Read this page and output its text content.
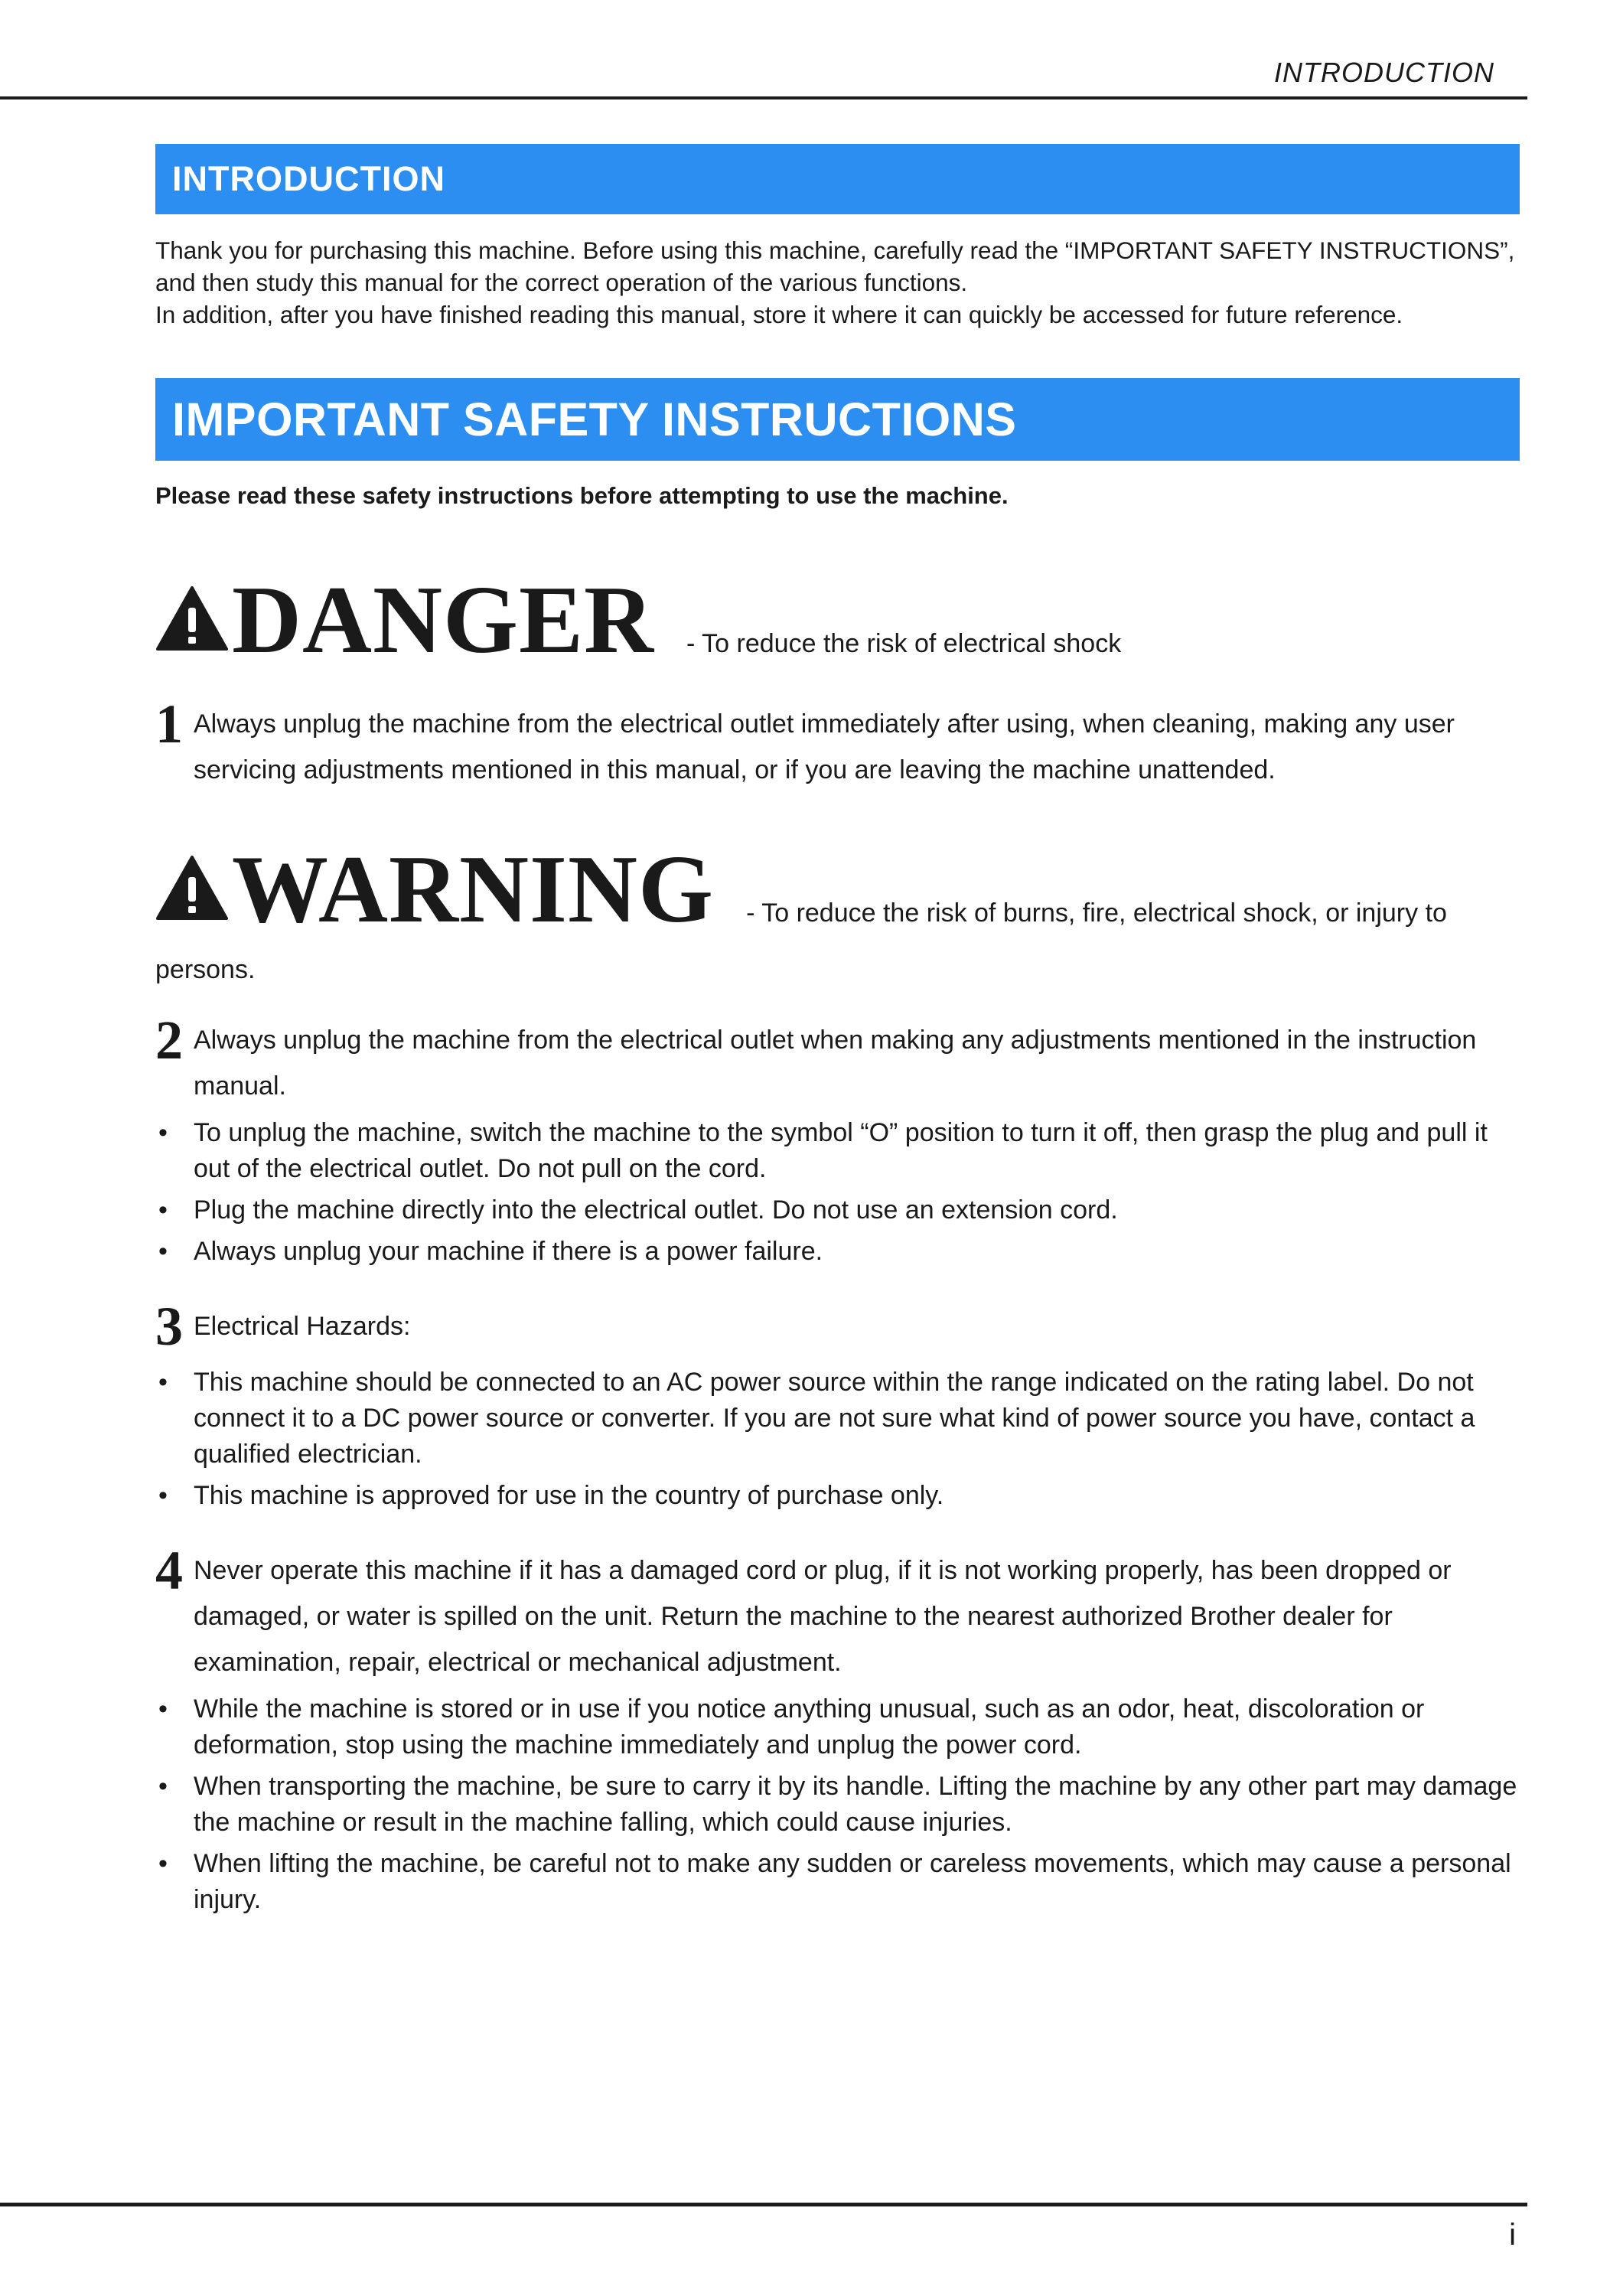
INTRODUCTION
INTRODUCTION

Thank you for purchasing this machine. Before using this machine, carefully read the “IMPORTANT SAFETY INSTRUCTIONS”, and then study this manual for the correct operation of the various functions.

In addition, after you have finished reading this manual, store it where it can quickly be accessed for future reference.

IMPORTANT SAFETY INSTRUCTIONS
Please read these safety instructions before attempting to use the machine.
DANGER - To reduce the risk of electrical shock
1 Always unplug the machine from the electrical outlet immediately after using, when cleaning, making any user servicing adjustments mentioned in this manual, or if you are leaving the machine unattended.
WARNING - To reduce the risk of burns, fire, electrical shock, or injury to
persons.
2 Always unplug the machine from the electrical outlet when making any adjustments mentioned in the instruction manual.
• To unplug the machine, switch the machine to the symbol “O” position to turn it off, then grasp the plug and pull it out of the electrical outlet. Do not pull on the cord.
• Plug the machine directly into the electrical outlet. Do not use an extension cord.
• Always unplug your machine if there is a power failure.
3 Electrical Hazards:
• This machine should be connected to an AC power source within the range indicated on the rating label. Do not connect it to a DC power source or converter. If you are not sure what kind of power source you have, contact a qualified electrician.
• This machine is approved for use in the country of purchase only.
4 Never operate this machine if it has a damaged cord or plug, if it is not working properly, has been dropped or damaged, or water is spilled on the unit. Return the machine to the nearest authorized Brother dealer for examination, repair, electrical or mechanical adjustment.
• While the machine is stored or in use if you notice anything unusual, such as an odor, heat, discoloration or deformation, stop using the machine immediately and unplug the power cord.
• When transporting the machine, be sure to carry it by its handle. Lifting the machine by any other part may damage the machine or result in the machine falling, which could cause injuries.
• When lifting the machine, be careful not to make any sudden or careless movements, which may cause a personal injury.
i
